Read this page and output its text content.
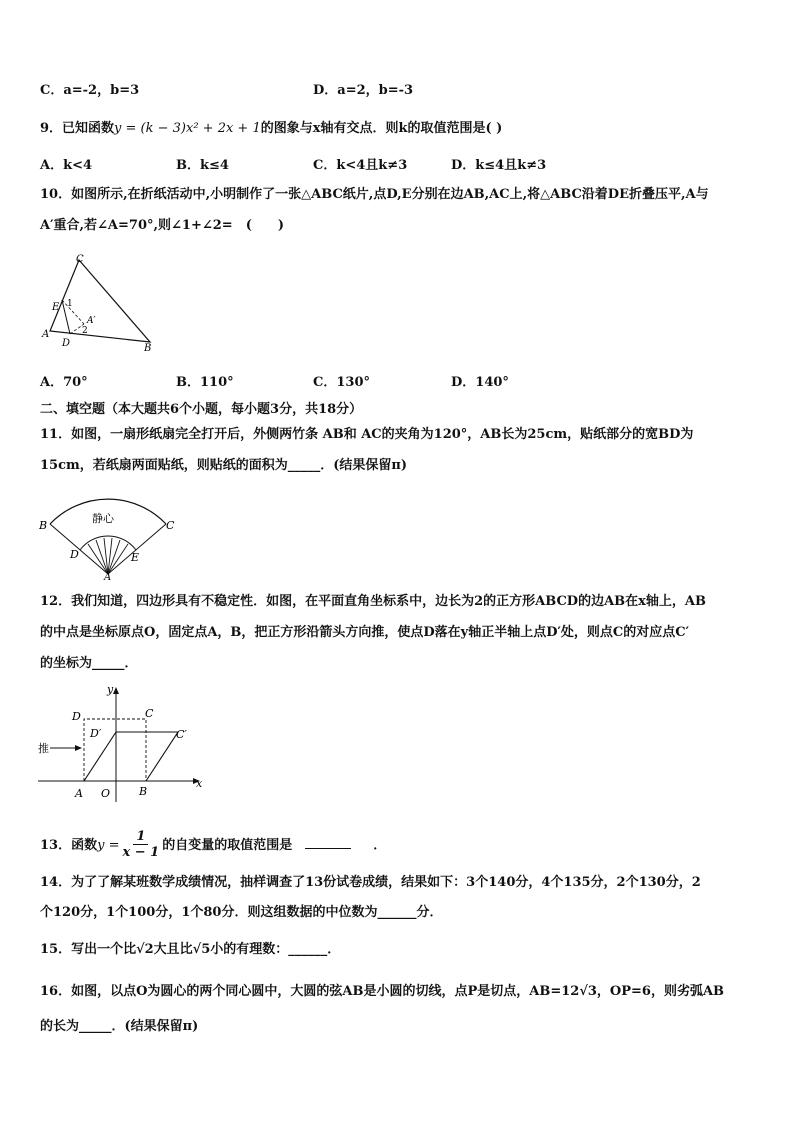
C．a=-2，b=3	D．a=2，b=-3
9．已知函数y = (k − 3)x² + 2x + 1的图象与x轴有交点．则k的取值范围是( )
A．k<4	B．k≤4	C．k<4且k≠3	D．k≤4且k≠3
10．如图所示,在折纸活动中,小明制作了一张△ABC纸片,点D,E分别在边AB,AC上,将△ABC沿着DE折叠压平,A与
A′重合,若∠A=70°,则∠1+∠2=　(　　)
C
E 1
A′
2
A
D	B
A．70°	B．110°	C．130°	D．140°
二、填空题（本大题共6个小题，每小题3分，共18分）
11．如图，一扇形纸扇完全打开后，外侧两竹条 AB和 AC的夹角为120°，AB长为25cm，贴纸部分的宽BD为
15cm，若纸扇两面贴纸，则贴纸的面积为_____．(结果保留π)
B
静心
C
D	E
A
12．我们知道，四边形具有不稳定性．如图，在平面直角坐标系中，边长为2的正方形ABCD的边AB在x轴上，AB
的中点是坐标原点O，固定点A，B，把正方形沿箭头方向推，使点D落在y轴正半轴上点D′处，则点C的对应点C′
的坐标为_____．
y
D	C
D′	C′
推
x
A O	B
13．函数$y = \frac{1}{x - 1}$ 的自变量的取值范围是	．
14．为了了解某班数学成绩情况，抽样调查了13份试卷成绩，结果如下：3个140分，4个135分，2个130分，2
个120分，1个100分，1个80分．则这组数据的中位数为______分．
15．写出一个比√2大且比√5小的有理数：______．
16．如图，以点O为圆心的两个同心圆中，大圆的弦AB是小圆的切线，点P是切点，AB=12√3，OP=6，则劣弧AB
的长为_____．(结果保留π)
